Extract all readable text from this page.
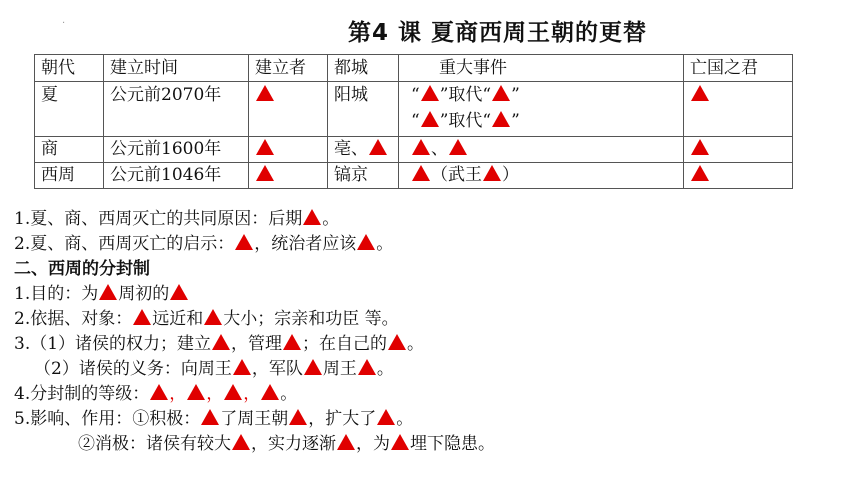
·	第4 课 夏商西周王朝的更替
朝代	建立时间	建立者	都城	重大事件	亡国之君
夏	公元前2070年		阳城	“ ”取代“ ”
“ ”取代“ ”	

商	公元前1600年		亳、	、	
西周	公元前1046年		镐京	（武王 ）	
1.夏、商、西周灭亡的共同原因：后期 。
2.夏、商、西周灭亡的启示： ，统治者应该 。
二、西周的分封制
1.目的：为 周初的
2.依据、对象： 远近和 大小；宗亲和功臣 等。
3.（1）诸侯的权力；建立 ，管理 ；在自己的 。
（2）诸侯的义务：向周王 ，军队 周王 。
4.分封制的等级： ， ， ， 。
5.影响、作用：①积极： 了周王朝 ，扩大了 。
②消极：诸侯有较大 ，实力逐渐 ，为 埋下隐患。
